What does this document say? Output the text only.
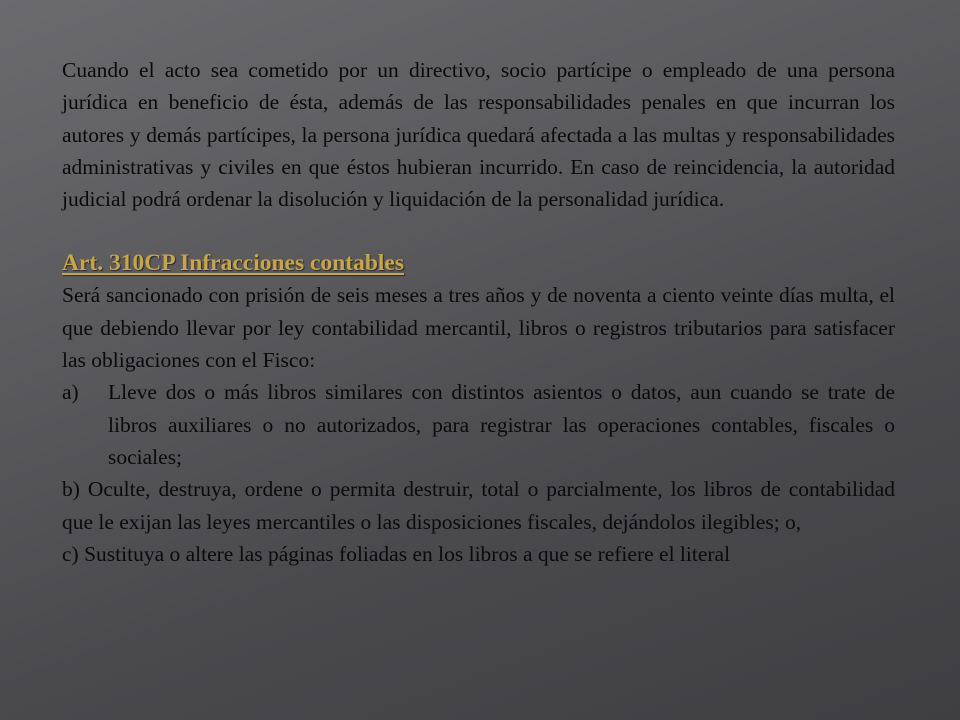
Cuando el acto sea cometido por un directivo, socio partícipe o empleado de una persona jurídica en beneficio de ésta, además de las responsabilidades penales en que incurran los autores y demás partícipes, la persona jurídica quedará afectada a las multas y responsabilidades administrativas y civiles en que éstos hubieran incurrido. En caso de reincidencia, la autoridad judicial podrá ordenar la disolución y liquidación de la personalidad jurídica.

Art. 310CP Infracciones contables

Será sancionado con prisión de seis meses a tres años y de noventa a ciento veinte días multa, el que debiendo llevar por ley contabilidad mercantil, libros o registros tributarios para satisfacer las obligaciones con el Fisco:

a)	Lleve dos o más libros similares con distintos asientos o datos, aun cuando se trate de libros auxiliares o no autorizados, para registrar las operaciones contables, fiscales o sociales;

b) Oculte, destruya, ordene o permita destruir, total o parcialmente, los libros de contabilidad que le exijan las leyes mercantiles o las disposiciones fiscales, dejándolos ilegibles; o,

c) Sustituya o altere las páginas foliadas en los libros a que se refiere el literal
